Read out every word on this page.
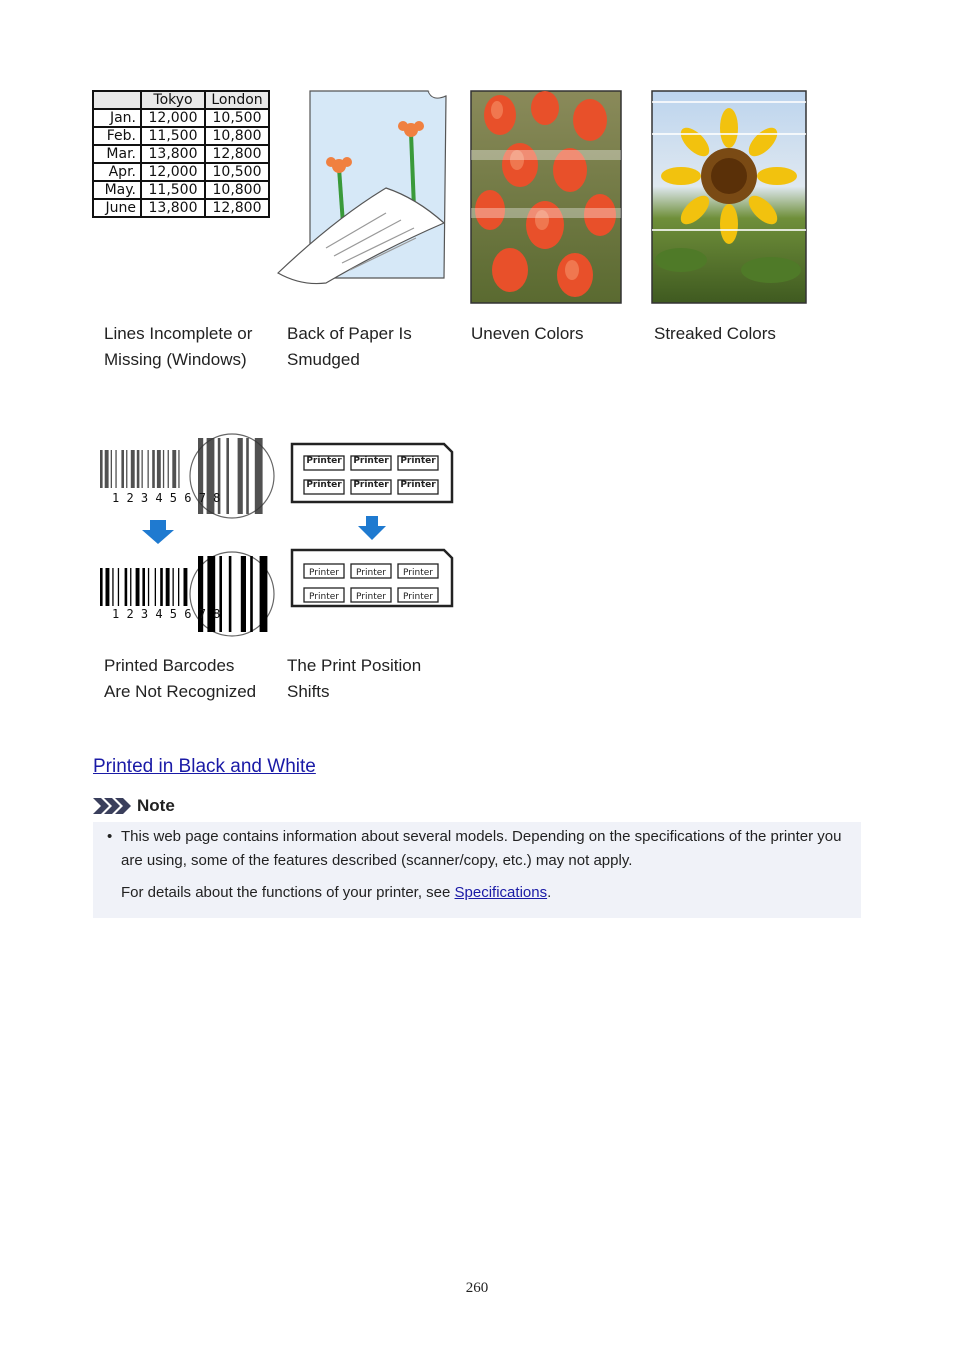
	Tokyo	London
Jan.	12,000	10,500
Feb.	11,500	10,800
Mar.	13,800	12,800
Apr.	12,000	10,500
May.	11,500	10,800
June	13,800	12,800
Lines Incomplete or
Missing (Windows)
Back of Paper Is
Smudged
Uneven Colors	Streaked Colors
1 2 3 4 5 6 7 8
1 2 3 4 5 6 7 8
Printed Barcodes
Are Not Recognized
Printer Printer Printer
Printer Printer Printer
Printer Printer Printer
Printer Printer Printer
The Print Position
Shifts
Printed in Black and White
Note
• This web page contains information about several models. Depending on the specifications of the printer you are using, some of the features described (scanner/copy, etc.) may not apply.
For details about the functions of your printer, see Specifications.
260
